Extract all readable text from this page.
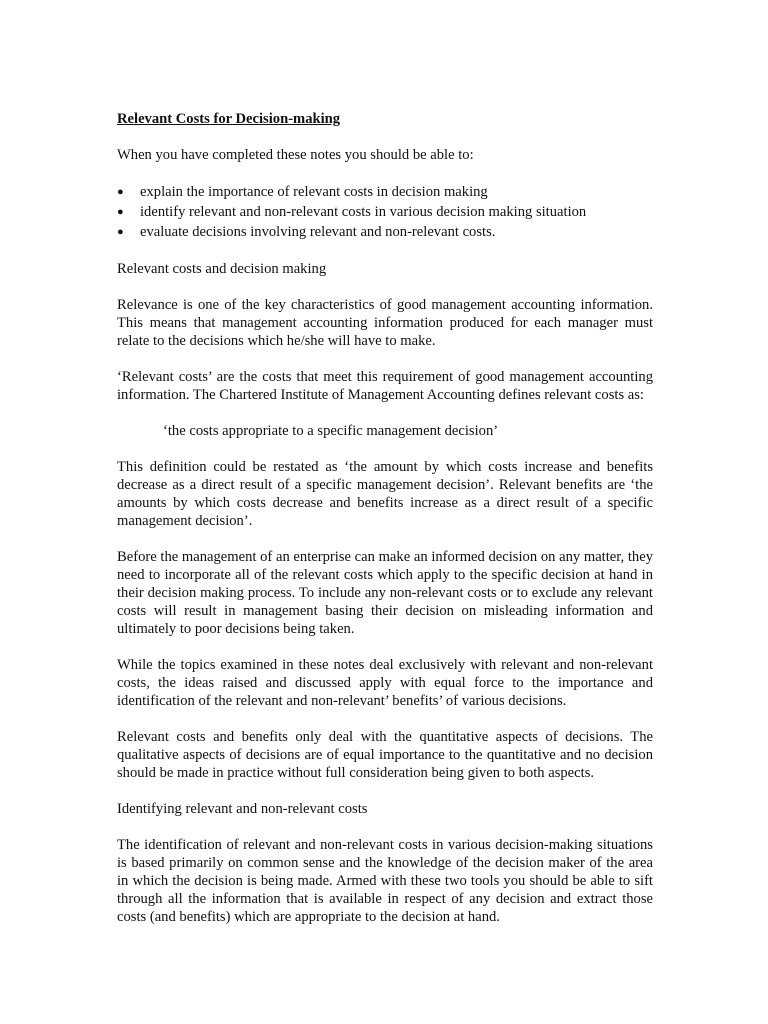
Relevant Costs for Decision-making

When you have completed these notes you should be able to:

● explain the importance of relevant costs in decision making
● identify relevant and non-relevant costs in various decision making situation
● evaluate decisions involving relevant and non-relevant costs.

Relevant costs and decision making

Relevance is one of the key characteristics of good management accounting information. This means that management accounting information produced for each manager must relate to the decisions which he/she will have to make.

‘Relevant costs’ are the costs that meet this requirement of good management accounting information. The Chartered Institute of Management Accounting defines relevant costs as:

‘the costs appropriate to a specific management decision’

This definition could be restated as ‘the amount by which costs increase and benefits decrease as a direct result of a specific management decision’. Relevant benefits are ‘the amounts by which costs decrease and benefits increase as a direct result of a specific management decision’.

Before the management of an enterprise can make an informed decision on any matter, they need to incorporate all of the relevant costs which apply to the specific decision at hand in their decision making process. To include any non-relevant costs or to exclude any relevant costs will result in management basing their decision on misleading information and ultimately to poor decisions being taken.

While the topics examined in these notes deal exclusively with relevant and non-relevant costs, the ideas raised and discussed apply with equal force to the importance and identification of the relevant and non-relevant’ benefits’ of various decisions.

Relevant costs and benefits only deal with the quantitative aspects of decisions. The qualitative aspects of decisions are of equal importance to the quantitative and no decision should be made in practice without full consideration being given to both aspects.

Identifying relevant and non-relevant costs

The identification of relevant and non-relevant costs in various decision-making situations is based primarily on common sense and the knowledge of the decision maker of the area in which the decision is being made. Armed with these two tools you should be able to sift through all the information that is available in respect of any decision and extract those costs (and benefits) which are appropriate to the decision at hand.
